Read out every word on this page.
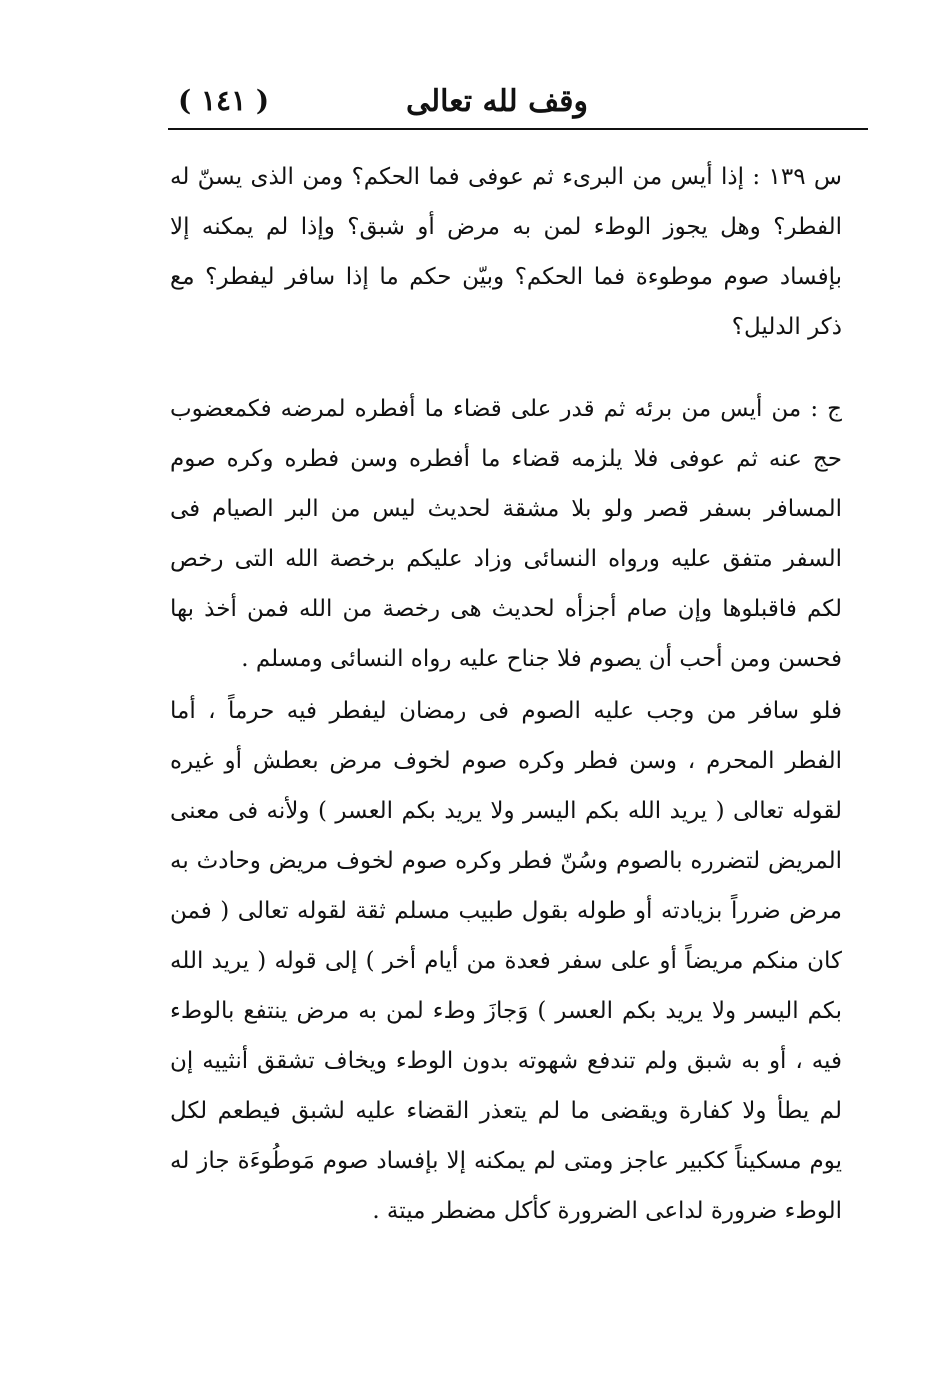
وقف لله تعالى
( ١٤١ )
س ١٣٩ : إذا أيس من البرىء ثم عوفى فما الحكم؟ ومن الذى يسنّ له الفطر؟ وهل يجوز الوطء لمن به مرض أو شبق؟ وإذا لم يمكنه إلا بإفساد صوم موطوءة فما الحكم؟ وبيّن حكم ما إذا سافر ليفطر؟ مع ذكر الدليل؟
ج : من أيس من برئه ثم قدر على قضاء ما أفطره لمرضه فكمعضوب حج عنه ثم عوفى فلا يلزمه قضاء ما أفطره وسن فطره وكره صوم المسافر بسفر قصر ولو بلا مشقة لحديث ليس من البر الصيام فى السفر متفق عليه ورواه النسائى وزاد عليكم برخصة الله التى رخص لكم فاقبلوها وإن صام أجزأه لحديث هى رخصة من الله فمن أخذ بها فحسن ومن أحب أن يصوم فلا جناح عليه رواه النسائى ومسلم .
فلو سافر من وجب عليه الصوم فى رمضان ليفطر فيه حرماً ، أما الفطر المحرم ، وسن فطر وكره صوم لخوف مرض بعطش أو غيره لقوله تعالى ( يريد الله بكم اليسر ولا يريد بكم العسر ) ولأنه فى معنى المريض لتضرره بالصوم وسُنّ فطر وكره صوم لخوف مريض وحادث به مرض ضرراً بزيادته أو طوله بقول طبيب مسلم ثقة لقوله تعالى ( فمن كان منكم مريضاً أو على سفر فعدة من أيام أخر ) إلى قوله ( يريد الله بكم اليسر ولا يريد بكم العسر ) وَجازَ وطء لمن به مرض ينتفع بالوطء فيه ، أو به شبق ولم تندفع شهوته بدون الوطء ويخاف تشقق أنثييه إن لم يطأ ولا كفارة ويقضى ما لم يتعذر القضاء عليه لشبق فيطعم لكل يوم مسكيناً ككبير عاجز ومتى لم يمكنه إلا بإفساد صوم مَوطُوءَة جاز له الوطء ضرورة لداعى الضرورة كأكل مضطر ميتة .
